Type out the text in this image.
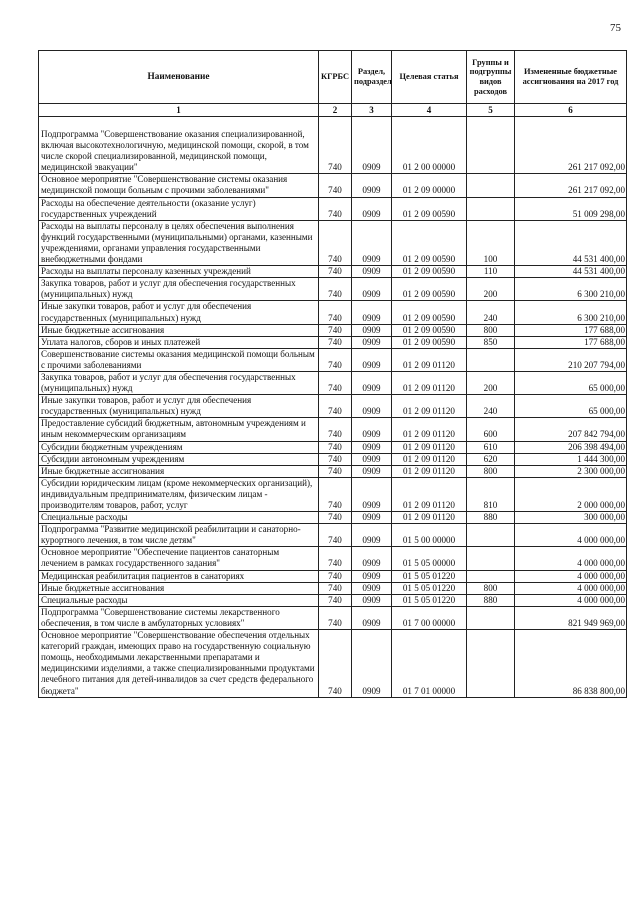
75
Наименование	КГРБС	Раздел, подраздел	Целевая статья	Группы и подгруппы видов расходов	Измененные бюджетные ассигнования на 2017 год
1	2	3	4	5	6
Подпрограмма "Совершенствование оказания специализированной, включая высокотехнологичную, медицинской помощи, скорой, в том числе скорой специализированной, медицинской помощи, медицинской эвакуации"	740	0909	01 2 00 00000		261 217 092,00
Основное мероприятие "Совершенствование системы оказания медицинской помощи больным с прочими заболеваниями"	740	0909	01 2 09 00000		261 217 092,00
Расходы на обеспечение деятельности (оказание услуг) государственных учреждений	740	0909	01 2 09 00590		51 009 298,00
Расходы на выплаты персоналу в целях обеспечения выполнения функций государственными (муниципальными) органами, казенными учреждениями, органами управления государственными внебюджетными фондами	740	0909	01 2 09 00590	100	44 531 400,00
Расходы на выплаты персоналу казенных учреждений	740	0909	01 2 09 00590	110	44 531 400,00
Закупка товаров, работ и услуг для обеспечения государственных (муниципальных) нужд	740	0909	01 2 09 00590	200	6 300 210,00
Иные закупки товаров, работ и услуг для обеспечения государственных (муниципальных) нужд	740	0909	01 2 09 00590	240	6 300 210,00
Иные бюджетные ассигнования	740	0909	01 2 09 00590	800	177 688,00
Уплата налогов, сборов и иных платежей	740	0909	01 2 09 00590	850	177 688,00
Совершенствование системы оказания медицинской помощи больным с прочими заболеваниями	740	0909	01 2 09 01120		210 207 794,00
Закупка товаров, работ и услуг для обеспечения государственных (муниципальных) нужд	740	0909	01 2 09 01120	200	65 000,00
Иные закупки товаров, работ и услуг для обеспечения государственных (муниципальных) нужд	740	0909	01 2 09 01120	240	65 000,00
Предоставление субсидий бюджетным, автономным учреждениям и иным некоммерческим организациям	740	0909	01 2 09 01120	600	207 842 794,00
Субсидии бюджетным учреждениям	740	0909	01 2 09 01120	610	206 398 494,00
Субсидии автономным учреждениям	740	0909	01 2 09 01120	620	1 444 300,00
Иные бюджетные ассигнования	740	0909	01 2 09 01120	800	2 300 000,00
Субсидии юридическим лицам (кроме некоммерческих организаций), индивидуальным предпринимателям, физическим лицам - производителям товаров, работ, услуг	740	0909	01 2 09 01120	810	2 000 000,00
Специальные расходы	740	0909	01 2 09 01120	880	300 000,00
Подпрограмма "Развитие медицинской реабилитации и санаторно-курортного лечения, в том числе детям"	740	0909	01 5 00 00000		4 000 000,00
Основное мероприятие "Обеспечение пациентов санаторным лечением в рамках государственного задания"	740	0909	01 5 05 00000		4 000 000,00
Медицинская реабилитация пациентов в санаториях	740	0909	01 5 05 01220		4 000 000,00
Иные бюджетные ассигнования	740	0909	01 5 05 01220	800	4 000 000,00
Специальные расходы	740	0909	01 5 05 01220	880	4 000 000,00
Подпрограмма "Совершенствование системы лекарственного обеспечения, в том числе в амбулаторных условиях"	740	0909	01 7 00 00000		821 949 969,00
Основное мероприятие "Совершенствование обеспечения отдельных категорий граждан, имеющих право на государственную социальную помощь, необходимыми лекарственными препаратами и медицинскими изделиями, а также специализированными продуктами лечебного питания для детей-инвалидов за счет средств федерального бюджета"	740	0909	01 7 01 00000		86 838 800,00
